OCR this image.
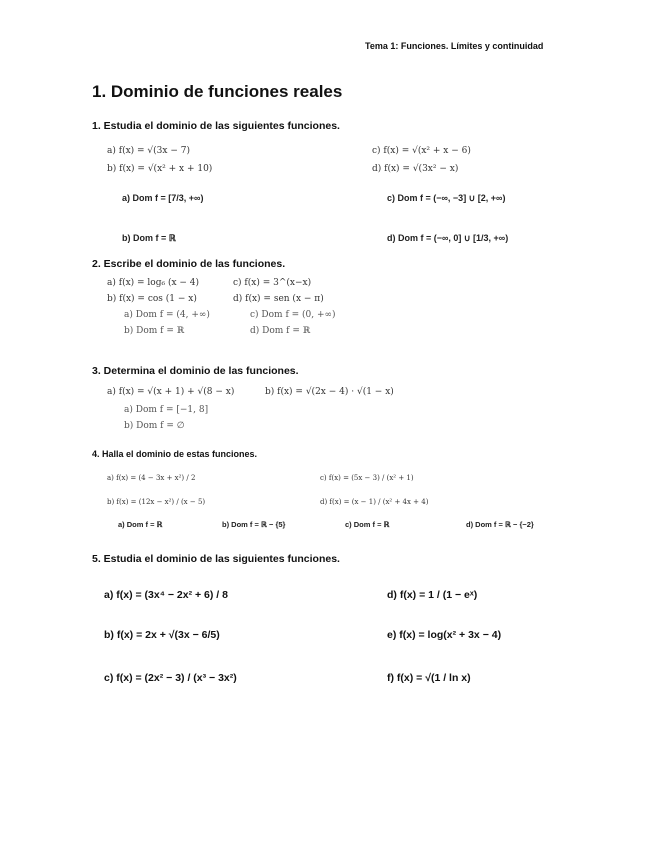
Tema 1: Funciones. Límites y continuidad
1. Dominio de funciones reales
1. Estudia el dominio de las siguientes funciones.
a) f(x) = √(3x − 7)
b) f(x) = √(x² + x + 10)
c) f(x) = √(x² + x − 6)
d) f(x) = √(3x² − x)
a) Dom f = [7/3, +∞)	c) Dom f = (−∞, −3] ∪ [2, +∞)
b) Dom f = ℝ	d) Dom f = (−∞, 0] ∪ [1/3, +∞)
2. Escribe el dominio de las funciones.
a) f(x) = log₆ (x − 4)
b) f(x) = cos (1 − x)
c) f(x) = 3^(x−x)
d) f(x) = sen (x − π)
a) Dom f = (4, +∞)
b) Dom f = ℝ
c) Dom f = (0, +∞)
d) Dom f = ℝ
3. Determina el dominio de las funciones.
a) f(x) = √(x + 1) + √(8 − x)	b) f(x) = √(2x − 4) · √(1 − x)
a) Dom f = [−1, 8]
b) Dom f = ∅
4. Halla el dominio de estas funciones.
a) f(x) = (4 − 3x + x²) / 2
b) f(x) = (12x − x²) / (x − 5)
c) f(x) = (5x − 3) / (x² + 1)
d) f(x) = (x − 1) / (x² + 4x + 4)
a) Dom f = ℝ	b) Dom f = ℝ − {5}	c) Dom f = ℝ	d) Dom f = ℝ − {−2}
5. Estudia el dominio de las siguientes funciones.
a) f(x) = (3x⁴ − 2x² + 6) / 8
b) f(x) = 2x + √(3x − 6/5)
c) f(x) = (2x² − 3) / (x³ − 3x²)
d) f(x) = 1 / (1 − eˣ)
e) f(x) = log(x² + 3x − 4)
f) f(x) = √(1 / ln x)
